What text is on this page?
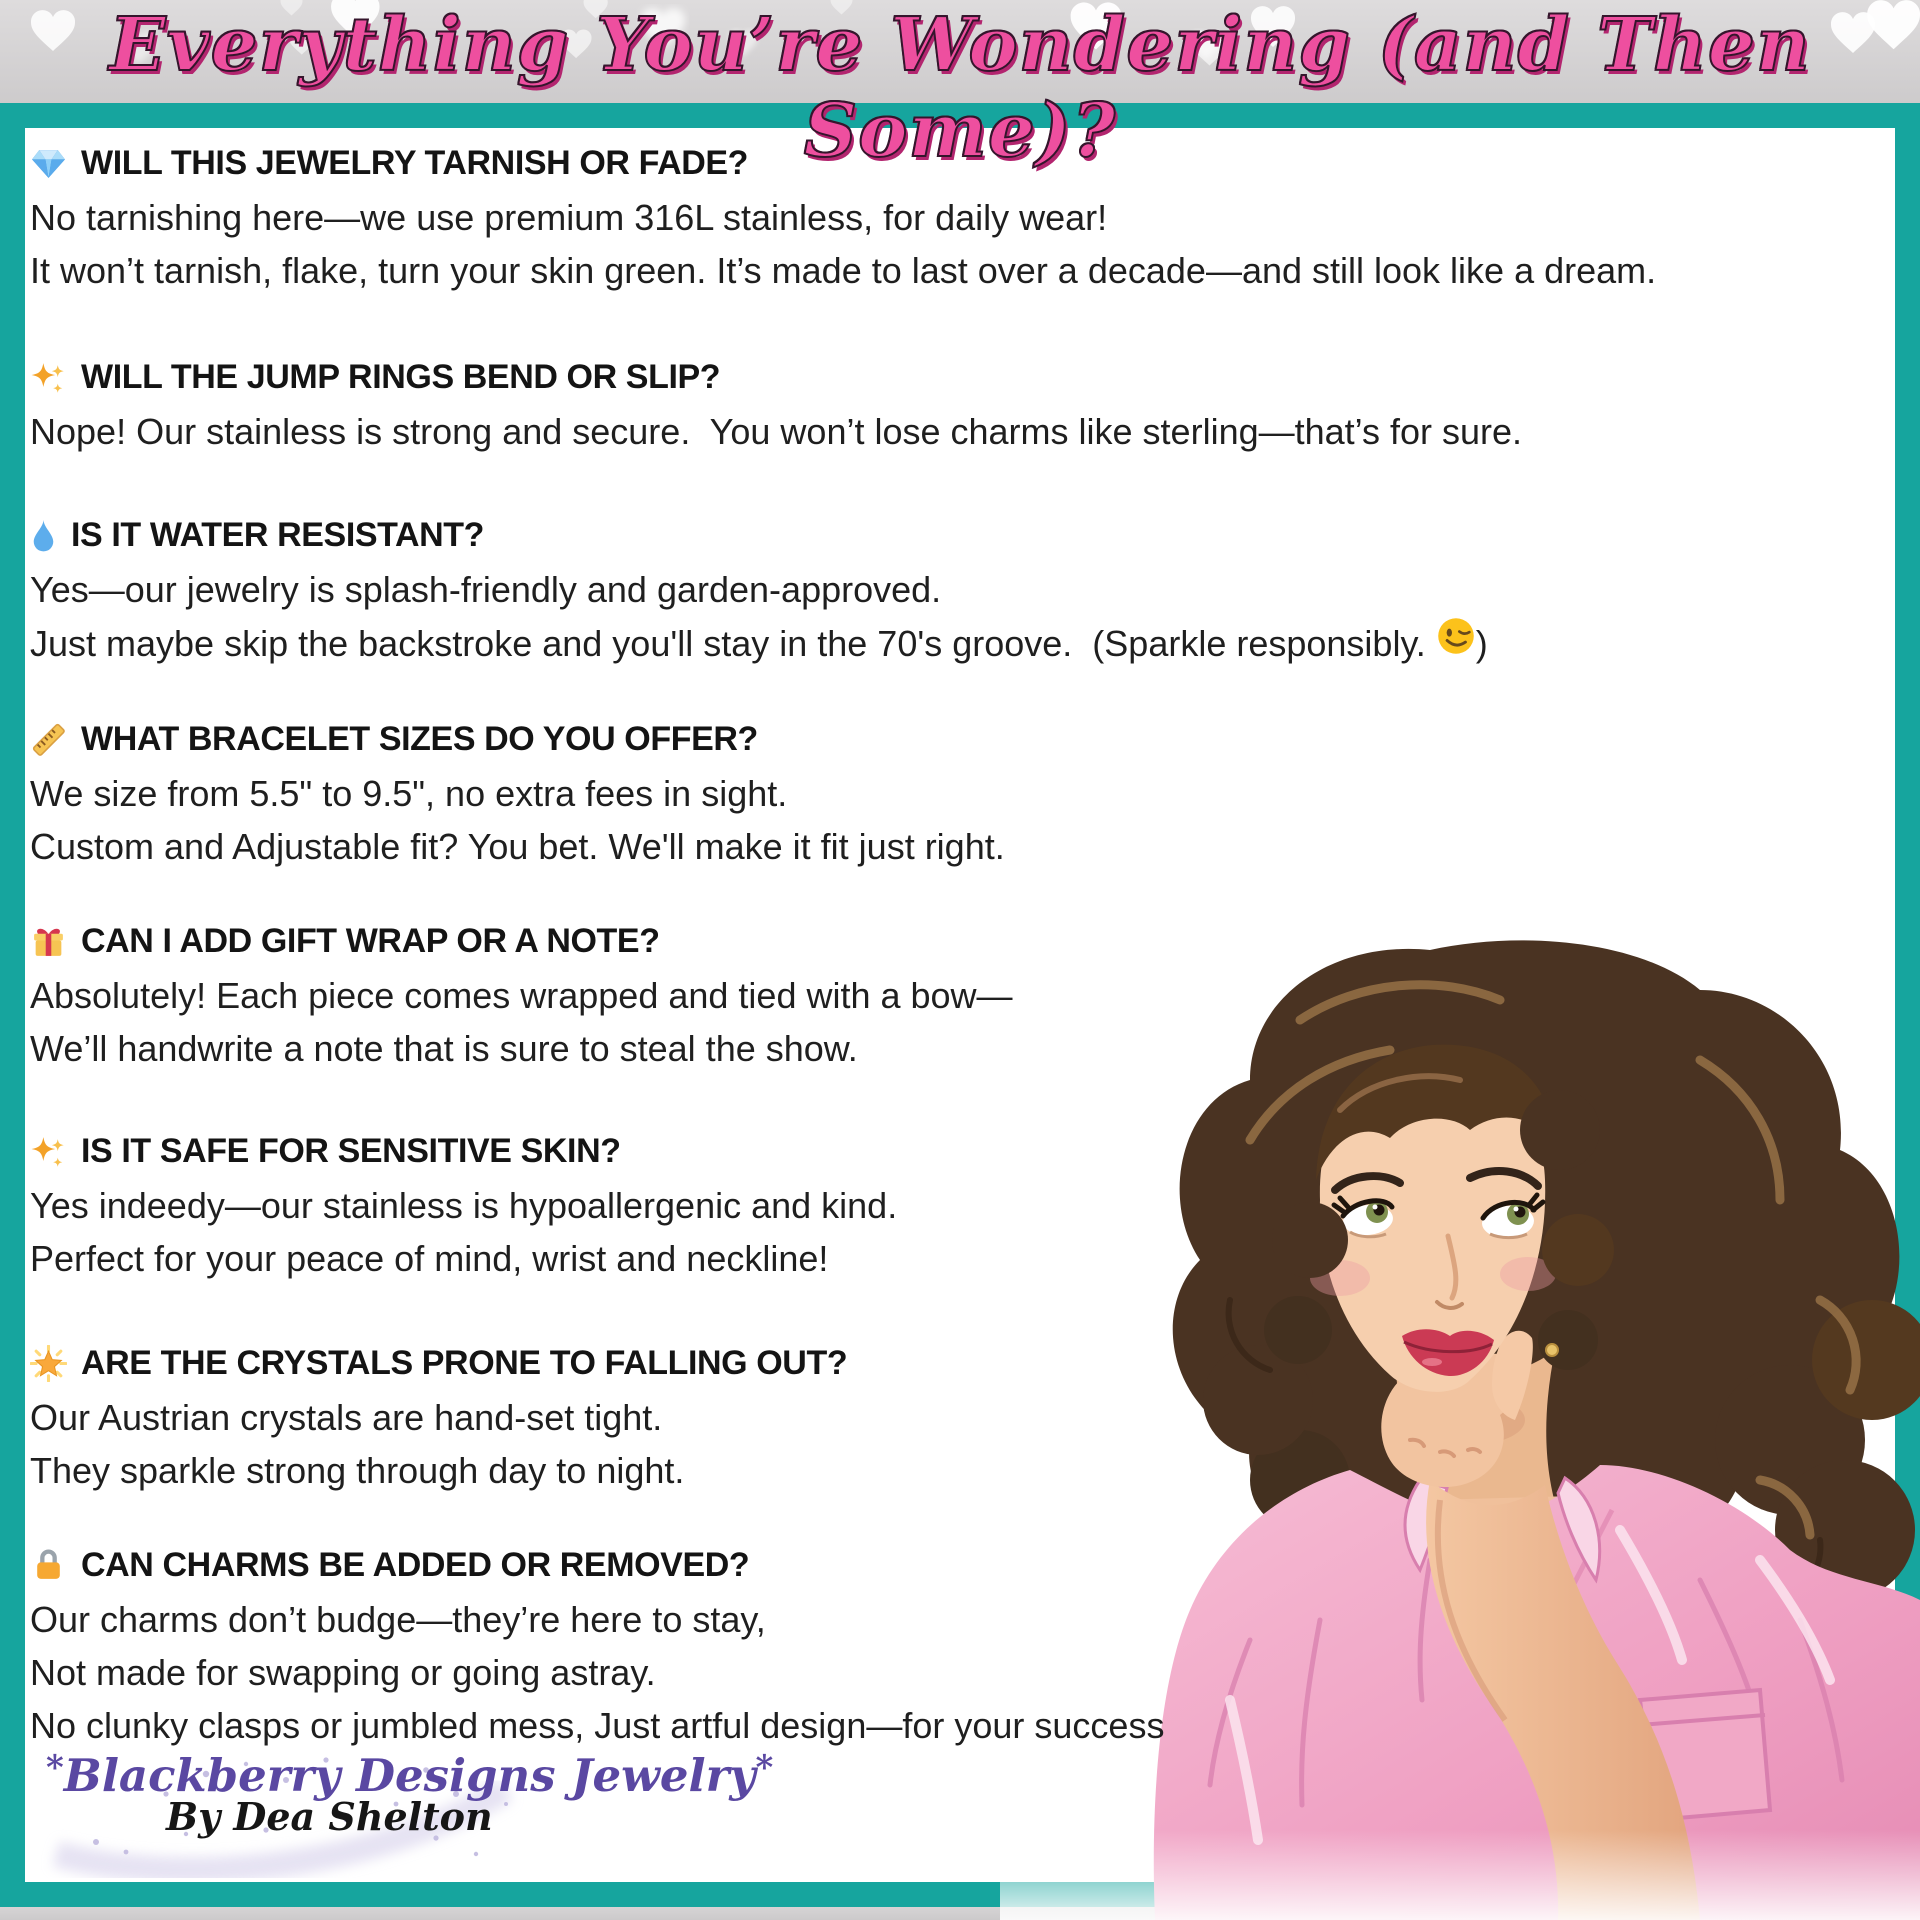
Everything You’re Wondering (and Then Some)?
WILL THIS JEWELRY TARNISH OR FADE?
No tarnishing here—we use premium 316L stainless, for daily wear!
It won’t tarnish, flake, turn your skin green. It’s made to last over a decade—and still look like a dream.
WILL THE JUMP RINGS BEND OR SLIP?
Nope! Our stainless is strong and secure.  You won’t lose charms like sterling—that’s for sure.
IS IT WATER RESISTANT?
Yes—our jewelry is splash-friendly and garden-approved.
Just maybe skip the backstroke and you'll stay in the 70's groove.  (Sparkle responsibly.
)
WHAT BRACELET SIZES DO YOU OFFER?
We size from 5.5" to 9.5", no extra fees in sight.
Custom and Adjustable fit? You bet. We'll make it fit just right.
CAN I ADD GIFT WRAP OR A NOTE?
Absolutely! Each piece comes wrapped and tied with a bow—
We’ll handwrite a note that is sure to steal the show.
IS IT SAFE FOR SENSITIVE SKIN?
Yes indeedy—our stainless is hypoallergenic and kind.
Perfect for your peace of mind, wrist and neckline!
ARE THE CRYSTALS PRONE TO FALLING OUT?
Our Austrian crystals are hand-set tight.
They sparkle strong through day to night.
CAN CHARMS BE ADDED OR REMOVED?
Our charms don’t budge—they’re here to stay,
Not made for swapping or going astray.
No clunky clasps or jumbled mess, Just artful design—for your success
*Blackberry Designs Jewelry*
By Dea Shelton
